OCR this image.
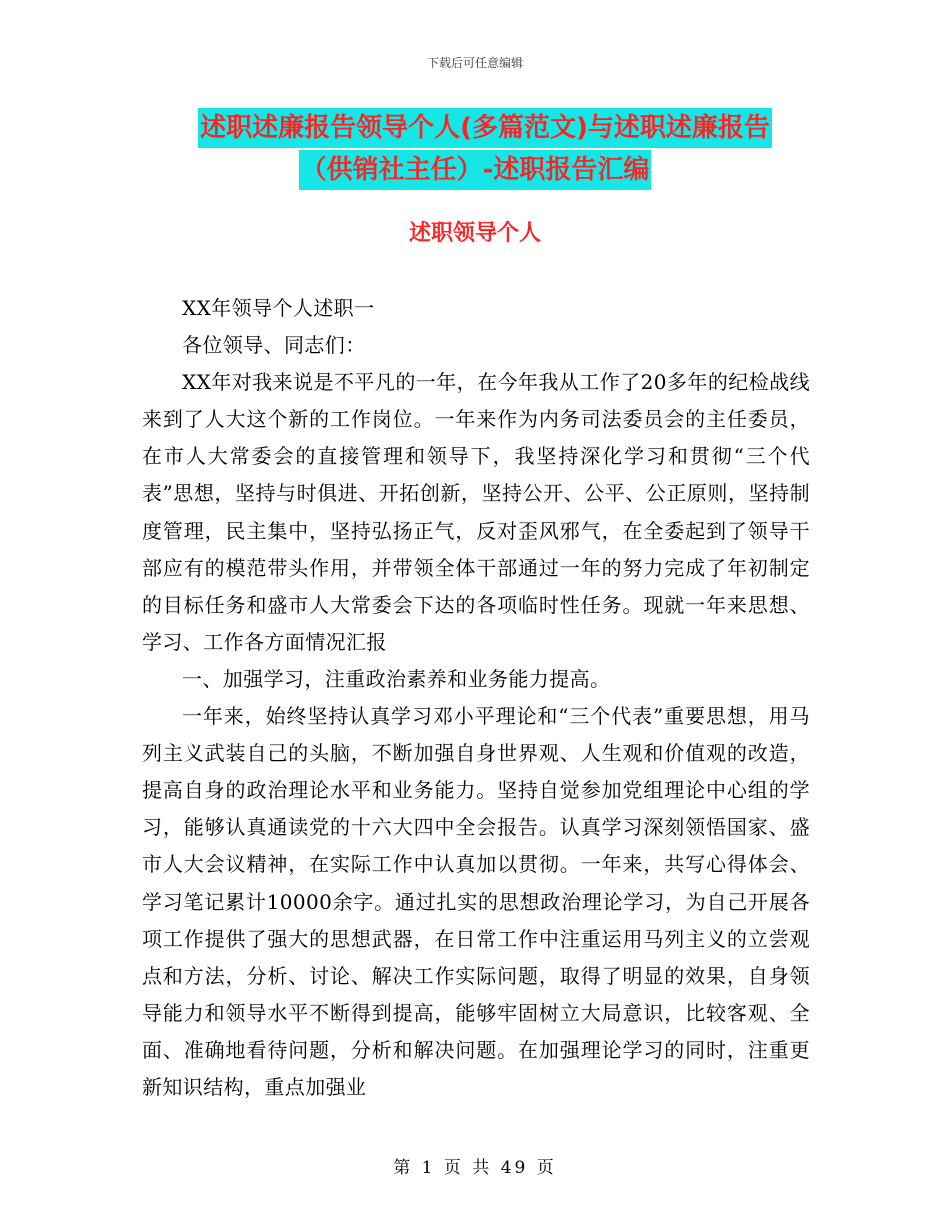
下载后可任意编辑
述职述廉报告领导个人(多篇范文)与述职述廉报告
（供销社主任）-述职报告汇编
述职领导个人

XX年领导个人述职一

各位领导、同志们：

XX年对我来说是不平凡的一年，在今年我从工作了20多年的纪检战线来到了人大这个新的工作岗位。一年来作为内务司法委员会的主任委员，在市人大常委会的直接管理和领导下，我坚持深化学习和贯彻“三个代表”思想，坚持与时俱进、开拓创新，坚持公开、公平、公正原则，坚持制度管理，民主集中，坚持弘扬正气，反对歪风邪气，在全委起到了领导干部应有的模范带头作用，并带领全体干部通过一年的努力完成了年初制定的目标任务和盛市人大常委会下达的各项临时性任务。现就一年来思想、学习、工作各方面情况汇报

一、加强学习，注重政治素养和业务能力提高。

一年来，始终坚持认真学习邓小平理论和“三个代表”重要思想，用马列主义武装自己的头脑，不断加强自身世界观、人生观和价值观的改造，提高自身的政治理论水平和业务能力。坚持自觉参加党组理论中心组的学习，能够认真通读党的十六大四中全会报告。认真学习深刻领悟国家、盛市人大会议精神，在实际工作中认真加以贯彻。一年来，共写心得体会、学习笔记累计10000余字。通过扎实的思想政治理论学习，为自己开展各项工作提供了强大的思想武器，在日常工作中注重运用马列主义的立尝观点和方法，分析、讨论、解决工作实际问题，取得了明显的效果，自身领导能力和领导水平不断得到提高，能够牢固树立大局意识，比较客观、全面、准确地看待问题，分析和解决问题。在加强理论学习的同时，注重更新知识结构，重点加强业

第 1 页 共 49 页
